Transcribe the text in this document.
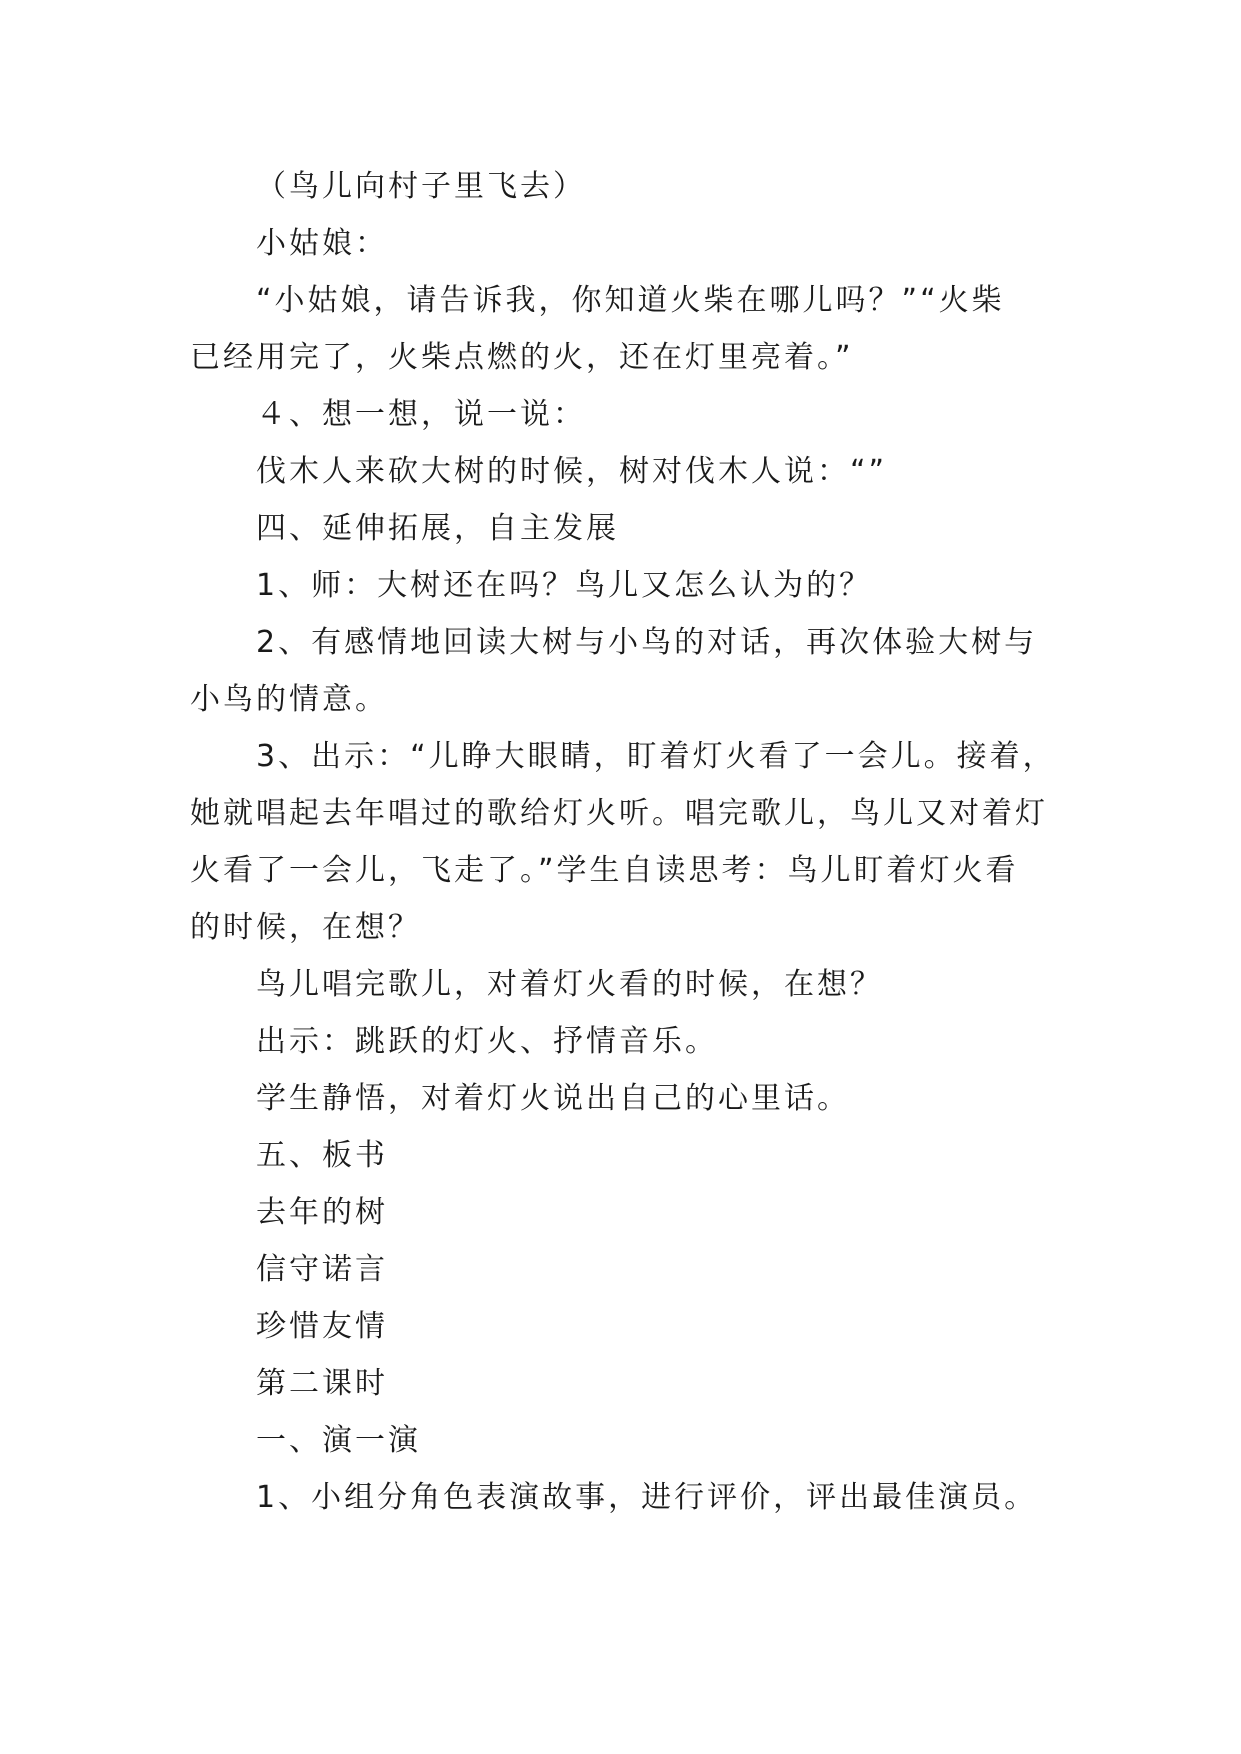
（鸟儿向村子里飞去）
小姑娘：
“小姑娘，请告诉我，你知道火柴在哪儿吗？”“火柴
已经用完了，火柴点燃的火，还在灯里亮着。”
４、想一想，说一说：
伐木人来砍大树的时候，树对伐木人说：“”
四、延伸拓展，自主发展
1、师：大树还在吗？鸟儿又怎么认为的？
2、有感情地回读大树与小鸟的对话，再次体验大树与
小鸟的情意。
3、出示：“儿睁大眼睛，盯着灯火看了一会儿。接着，
她就唱起去年唱过的歌给灯火听。唱完歌儿，鸟儿又对着灯
火看了一会儿，飞走了。”学生自读思考：鸟儿盯着灯火看
的时候，在想？
鸟儿唱完歌儿，对着灯火看的时候，在想？
出示：跳跃的灯火、抒情音乐。
学生静悟，对着灯火说出自己的心里话。
五、板书
去年的树
信守诺言
珍惜友情
第二课时
一、演一演
1、小组分角色表演故事，进行评价，评出最佳演员。
